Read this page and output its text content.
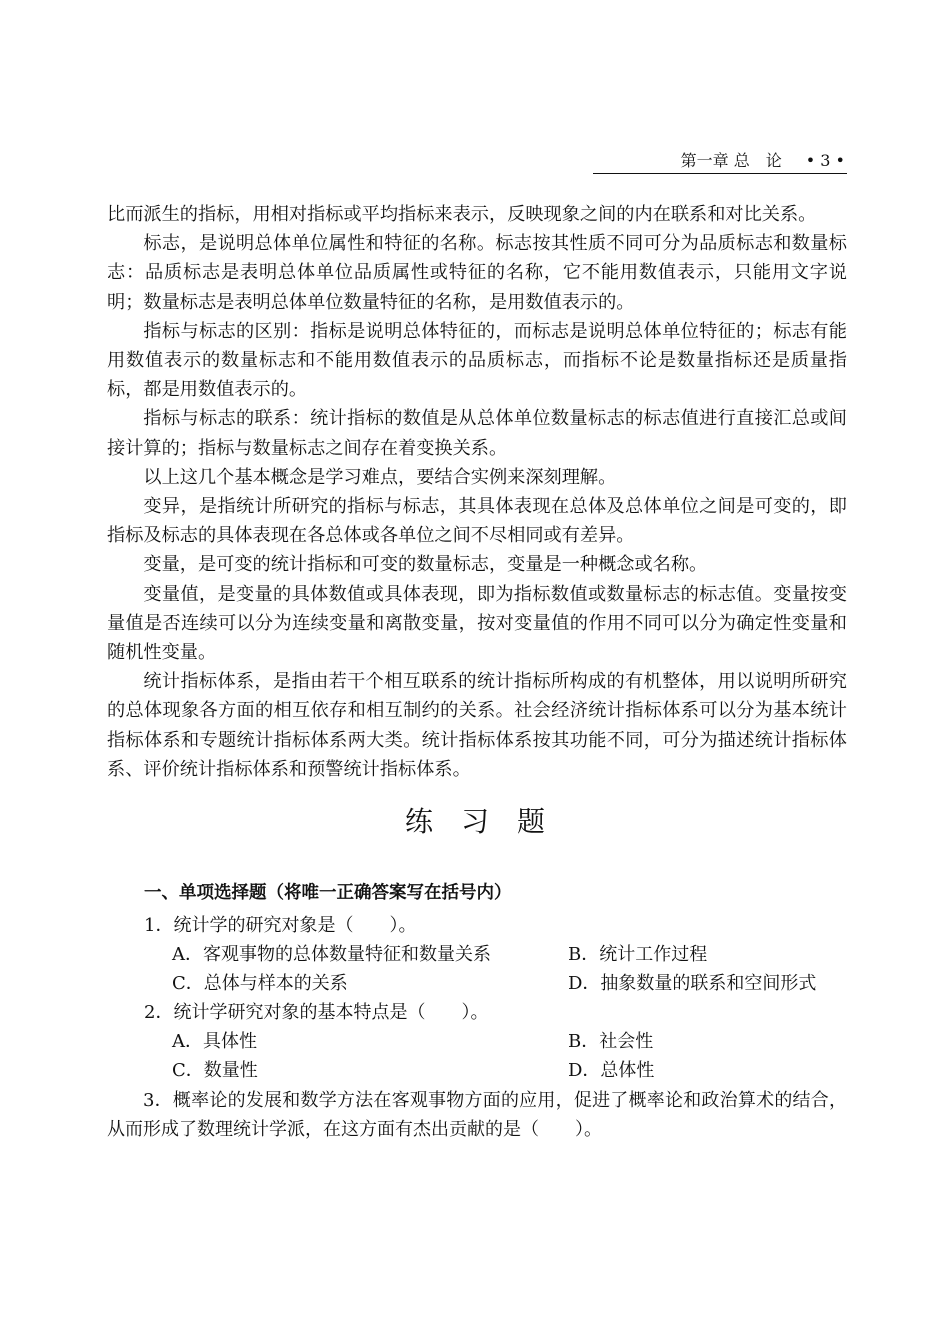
第一章 总　论 • 3 •

比而派生的指标，用相对指标或平均指标来表示，反映现象之间的内在联系和对比关系。

标志，是说明总体单位属性和特征的名称。标志按其性质不同可分为品质标志和数量标志：品质标志是表明总体单位品质属性或特征的名称，它不能用数值表示，只能用文字说明；数量标志是表明总体单位数量特征的名称，是用数值表示的。

指标与标志的区别：指标是说明总体特征的，而标志是说明总体单位特征的；标志有能用数值表示的数量标志和不能用数值表示的品质标志，而指标不论是数量指标还是质量指标，都是用数值表示的。

指标与标志的联系：统计指标的数值是从总体单位数量标志的标志值进行直接汇总或间接计算的；指标与数量标志之间存在着变换关系。

以上这几个基本概念是学习难点，要结合实例来深刻理解。

变异，是指统计所研究的指标与标志，其具体表现在总体及总体单位之间是可变的，即指标及标志的具体表现在各总体或各单位之间不尽相同或有差异。

变量，是可变的统计指标和可变的数量标志，变量是一种概念或名称。

变量值，是变量的具体数值或具体表现，即为指标数值或数量标志的标志值。变量按变量值是否连续可以分为连续变量和离散变量，按对变量值的作用不同可以分为确定性变量和随机性变量。

统计指标体系，是指由若干个相互联系的统计指标所构成的有机整体，用以说明所研究的总体现象各方面的相互依存和相互制约的关系。社会经济统计指标体系可以分为基本统计指标体系和专题统计指标体系两大类。统计指标体系按其功能不同，可分为描述统计指标体系、评价统计指标体系和预警统计指标体系。

练习题
一、单项选择题（将唯一正确答案写在括号内）
1．统计学的研究对象是（　　）。
A．客观事物的总体数量特征和数量关系	B．统计工作过程
C．总体与样本的关系	D．抽象数量的联系和空间形式
2．统计学研究对象的基本特点是（　　）。
A．具体性	B．社会性
C．数量性	D．总体性

3．概率论的发展和数学方法在客观事物方面的应用，促进了概率论和政治算术的结合，从而形成了数理统计学派，在这方面有杰出贡献的是（　　）。
